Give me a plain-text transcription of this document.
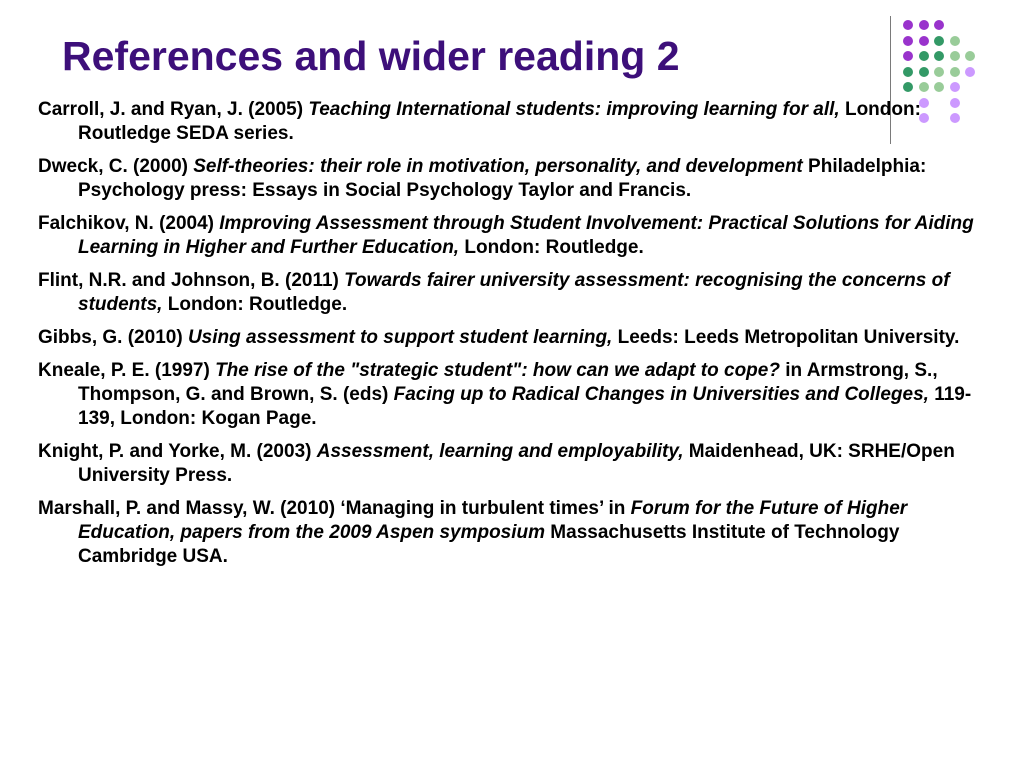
References and wider reading 2
Carroll, J. and Ryan, J. (2005) Teaching International students: improving learning for all, London: Routledge SEDA series.
Dweck, C. (2000) Self-theories: their role in motivation, personality, and development Philadelphia: Psychology press: Essays in Social Psychology Taylor and Francis.
Falchikov, N. (2004) Improving Assessment through Student Involvement: Practical Solutions for Aiding Learning in Higher and Further Education, London: Routledge.
Flint, N.R. and Johnson, B. (2011) Towards fairer university assessment: recognising the concerns of students, London: Routledge.
Gibbs, G. (2010) Using assessment to support student learning, Leeds: Leeds Metropolitan University.
Kneale, P. E. (1997) The rise of the "strategic student": how can we adapt to cope? in Armstrong, S., Thompson, G. and Brown, S. (eds) Facing up to Radical Changes in Universities and Colleges, 119-139, London: Kogan Page.
Knight, P. and Yorke, M. (2003) Assessment, learning and employability, Maidenhead, UK: SRHE/Open University Press.
Marshall, P. and Massy, W. (2010) ‘Managing in turbulent times’ in Forum for the Future of Higher Education, papers from the 2009 Aspen symposium Massachusetts Institute of Technology Cambridge USA.
